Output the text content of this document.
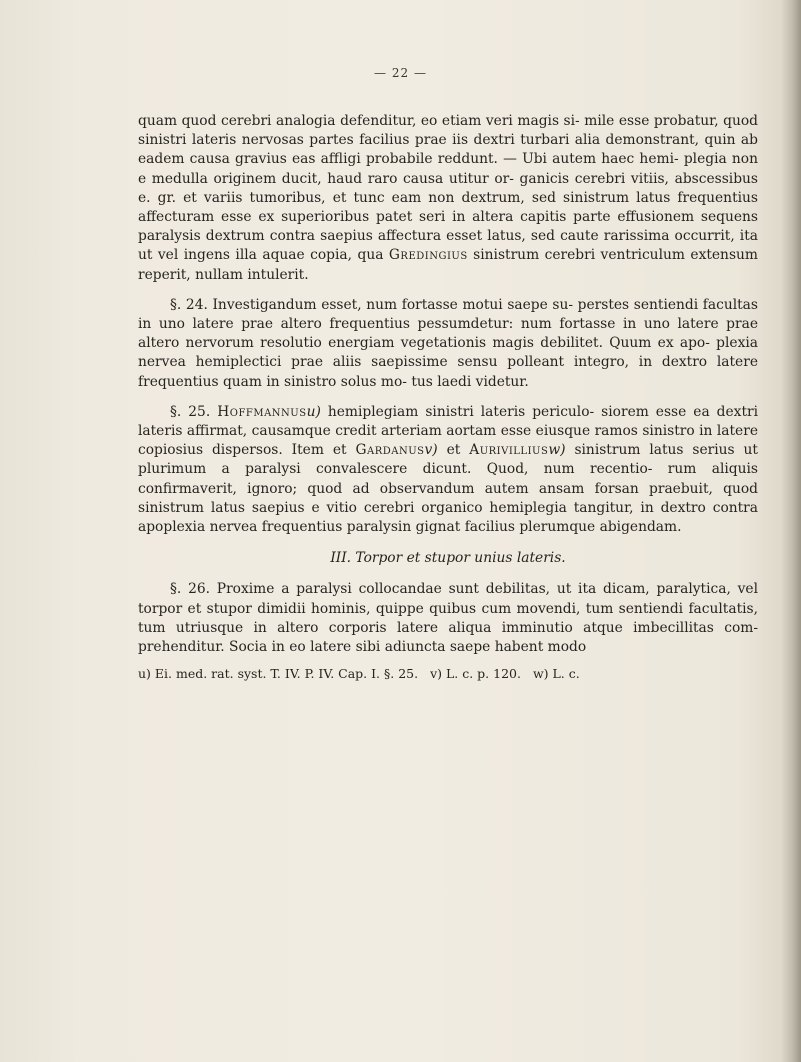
— 22 —

quam quod cerebri analogia defenditur, eo etiam veri magis si- mile esse probatur, quod sinistri lateris nervosas partes facilius prae iis dextri turbari alia demonstrant, quin ab eadem causa gravius eas affligi probabile reddunt. — Ubi autem haec hemi- plegia non e medulla originem ducit, haud raro causa utitur or- ganicis cerebri vitiis, abscessibus e. gr. et variis tumoribus, et tunc eam non dextrum, sed sinistrum latus frequentius affecturam esse ex superioribus patet seri in altera capitis parte effusionem sequens paralysis dextrum contra saepius affectura esset latus, sed caute rarissima occurrit, ita ut vel ingens illa aquae copia, qua Gredingius sinistrum cerebri ventriculum extensum reperit, nullam intulerit.

§. 24. Investigandum esset, num fortasse motui saepe su- perstes sentiendi facultas in uno latere prae altero frequentius pessumdetur: num fortasse in uno latere prae altero nervorum resolutio energiam vegetationis magis debilitet. Quum ex apo- plexia nervea hemiplectici prae aliis saepissime sensu polleant integro, in dextro latere frequentius quam in sinistro solus mo- tus laedi videtur.

§. 25. Hoffmannusu) hemiplegiam sinistri lateris periculo- siorem esse ea dextri lateris affirmat, causamque credit arteriam aortam esse eiusque ramos sinistro in latere copiosius dispersos. Item et Gardanusv) et Aurivilliusw) sinistrum latus serius ut plurimum a paralysi convalescere dicunt. Quod, num recentio- rum aliquis confirmaverit, ignoro; quod ad observandum autem ansam forsan praebuit, quod sinistrum latus saepius e vitio cerebri organico hemiplegia tangitur, in dextro contra apoplexia nervea frequentius paralysin gignat facilius plerumque abigendam.

III. Torpor et stupor unius lateris.

§. 26. Proxime a paralysi collocandae sunt debilitas, ut ita dicam, paralytica, vel torpor et stupor dimidii hominis, quippe quibus cum movendi, tum sentiendi facultatis, tum utriusque in altero corporis latere aliqua imminutio atque imbecillitas com- prehenditur. Socia in eo latere sibi adiuncta saepe habent modo

u) Ei. med. rat. syst. T. IV. P. IV. Cap. I. §. 25. v) L. c. p. 120. w) L. c.
